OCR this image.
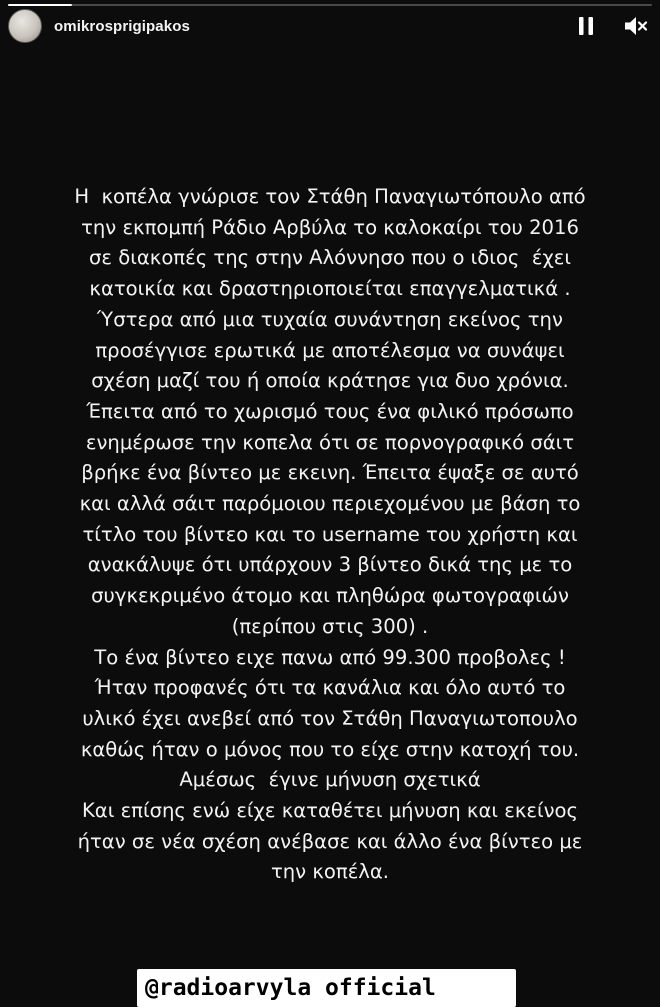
omikrosprigipakos
Η  κοπέλα γνώρισε τον Στάθη Παναγιωτόπουλο από
την εκπομπή Ράδιο Αρβύλα το καλοκαίρι του 2016
σε διακοπές της στην Αλόννησο που ο ιδιος  έχει
κατοικία και δραστηριοποιείται επαγγελματικά .
Ύστερα από μια τυχαία συνάντηση εκείνος την
προσέγγισε ερωτικά με αποτέλεσμα να συνάψει
σχέση μαζί του ή οποία κράτησε για δυο χρόνια.
Έπειτα από το χωρισμό τους ένα φιλικό πρόσωπο
ενημέρωσε την κοπελα ότι σε πορνογραφικό σάιτ
βρήκε ένα βίντεο με εκεινη. Έπειτα έψαξε σε αυτό
και αλλά σάιτ παρόμοιου περιεχομένου με βάση το
τίτλο του βίντεο και το username του χρήστη και
ανακάλυψε ότι υπάρχουν 3 βίντεο δικά της με το
συγκεκριμένο άτομο και πληθώρα φωτογραφιών
(περίπου στις 300) .
Το ένα βίντεο ειχε πανω από 99.300 προβολες !
Ήταν προφανές ότι τα κανάλια και όλο αυτό το
υλικό έχει ανεβεί από τον Στάθη Παναγιωτοπουλο
καθώς ήταν ο μόνος που το είχε στην κατοχή του.
Αμέσως  έγινε μήνυση σχετικά
Και επίσης ενώ είχε καταθέτει μήνυση και εκείνος
ήταν σε νέα σχέση ανέβασε και άλλο ένα βίντεο με
την κοπέλα.
@radioarvyla official
